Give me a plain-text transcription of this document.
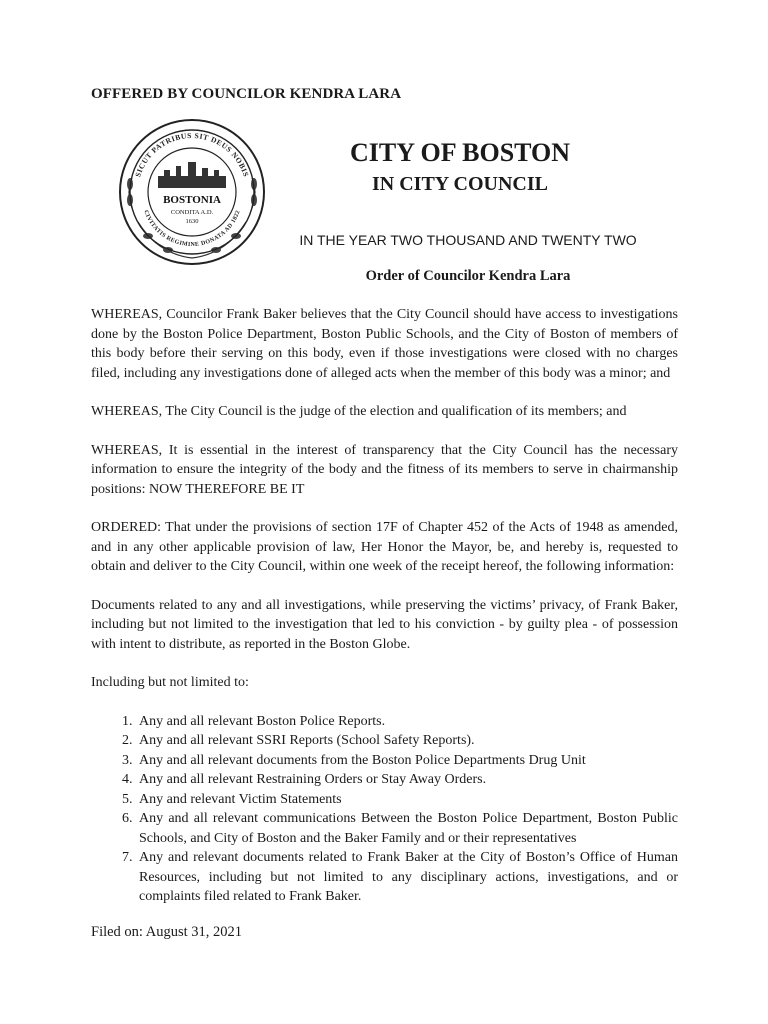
OFFERED BY COUNCILOR KENDRA LARA
SICUT PATRIBUS SIT DEUS NOBIS
CIVITATIS REGIMINE DONATA AD 1822
BOSTONIA
CONDITA A.D.
1630
CITY OF BOSTON
IN CITY COUNCIL
IN THE YEAR TWO THOUSAND AND TWENTY TWO
Order of Councilor Kendra Lara

WHEREAS, Councilor Frank Baker believes that the City Council should have access to investigations done by the Boston Police Department, Boston Public Schools, and the City of Boston of members of this body before their serving on this body, even if those investigations were closed with no charges filed, including any investigations done of alleged acts when the member of this body was a minor; and

WHEREAS, The City Council is the judge of the election and qualification of its members; and

WHEREAS, It is essential in the interest of transparency that the City Council has the necessary information to ensure the integrity of the body and the fitness of its members to serve in chairmanship positions: NOW THEREFORE BE IT

ORDERED: That under the provisions of section 17F of Chapter 452 of the Acts of 1948 as amended, and in any other applicable provision of law, Her Honor the Mayor, be, and hereby is, requested to obtain and deliver to the City Council, within one week of the receipt hereof, the following information:

Documents related to any and all investigations, while preserving the victims’ privacy, of Frank Baker, including but not limited to the investigation that led to his conviction - by guilty plea - of possession with intent to distribute, as reported in the Boston Globe.

Including but not limited to:

1. Any and all relevant Boston Police Reports.
2. Any and all relevant SSRI Reports (School Safety Reports).
3. Any and all relevant documents from the Boston Police Departments Drug Unit
4. Any and all relevant Restraining Orders or Stay Away Orders.
5. Any and relevant Victim Statements
6. Any and all relevant communications Between the Boston Police Department, Boston Public Schools, and City of Boston and the Baker Family and or their representatives
7. Any and relevant documents related to Frank Baker at the City of Boston’s Office of Human Resources, including but not limited to any disciplinary actions, investigations, and or complaints filed related to Frank Baker.

Filed on: August 31, 2021
